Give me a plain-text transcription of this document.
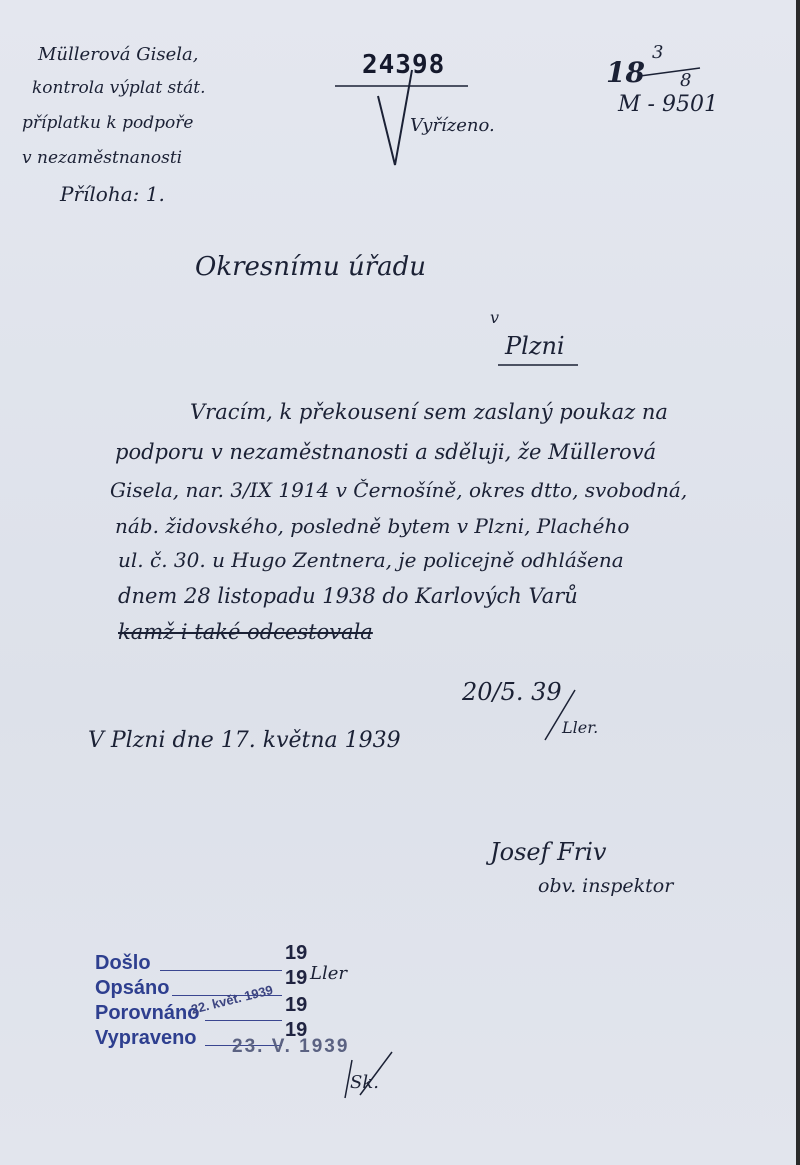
Müllerová Gisela,
kontrola výplat stát.
příplatku k podpoře
v nezaměstnanosti
Příloha: 1.
24398
Vyřízeno.
18
3
8
M - 9501
Okresnímu úřadu
v
Plzni
Vracím, k překousení sem zaslaný poukaz na
podporu v nezaměstnanosti a sděluji, že Müllerová
Gisela, nar. 3/IX 1914 v Černošíně, okres dtto, svobodná,
náb. židovského, posledně bytem v Plzni, Plachého
ul. č. 30. u Hugo Zentnera, je policejně odhlášena
dnem 28 listopadu 1938 do Karlových Varů
kamž i také odcestovala
20/5. 39
Ller.
V Plzni dne 17. května 1939
Josef Friv
obv. inspektor
Došlo
Opsáno
Porovnáno
Vypraveno
19
19
19
19
Ller
22. květ. 1939
23. V. 1939
Sk.
